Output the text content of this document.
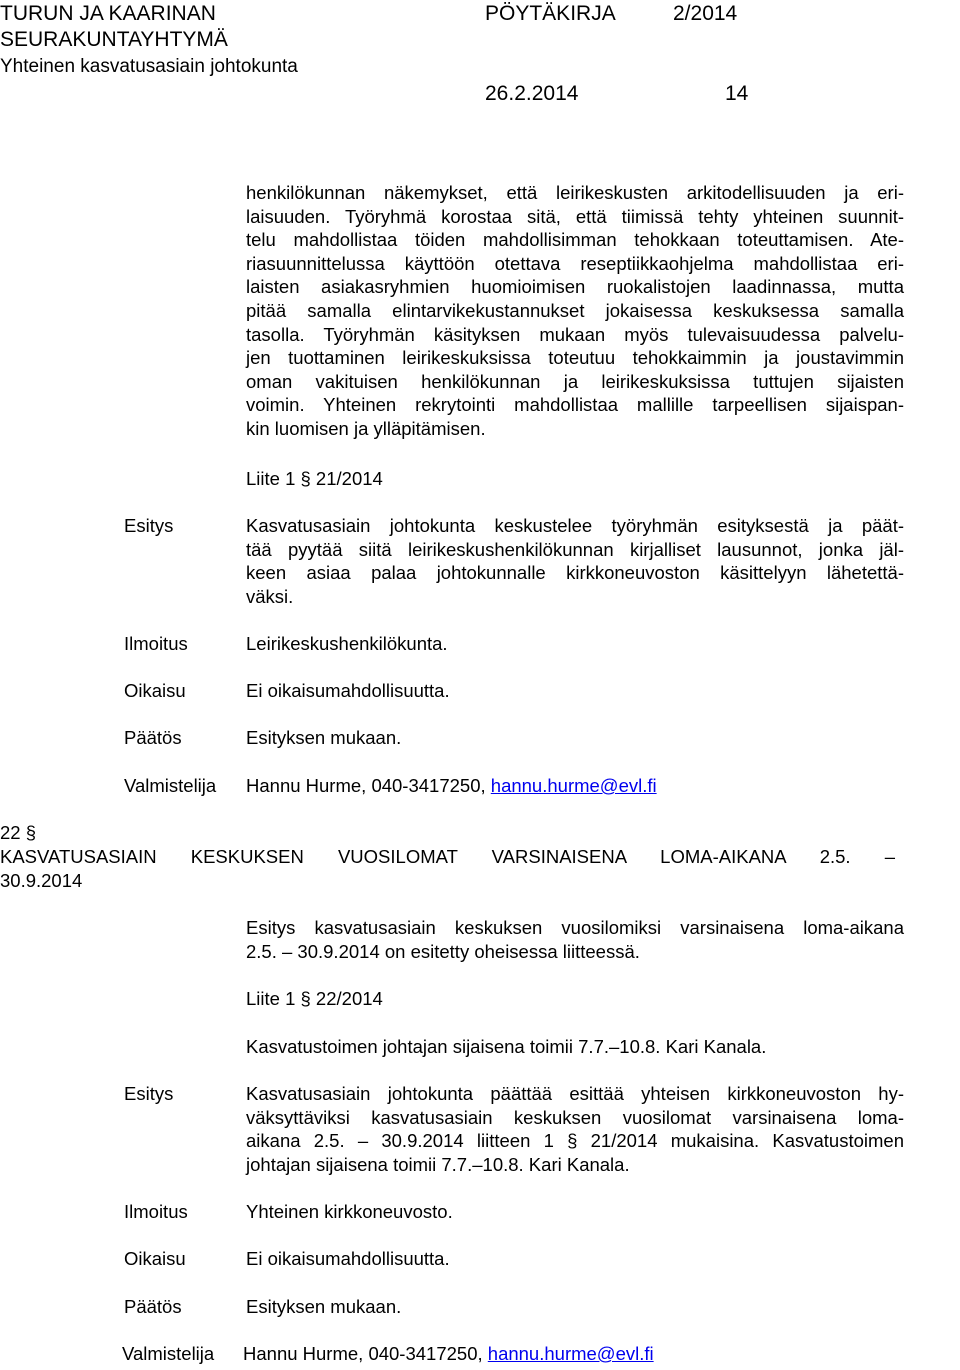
TURUN JA KAARINAN
SEURAKUNTAYHTYMÄ
Yhteinen kasvatusasiain johtokunta
PÖYTÄKIRJA	2/2014
26.2.2014	14
henkilökunnan näkemykset, että leirikeskusten arkitodellisuuden ja eri-
laisuuden. Työryhmä korostaa sitä, että tiimissä tehty yhteinen suunnit-
telu mahdollistaa töiden mahdollisimman tehokkaan toteuttamisen. Ate-
riasuunnittelussa käyttöön otettava reseptiikkaohjelma mahdollistaa eri-
laisten asiakasryhmien huomioimisen ruokalistojen laadinnassa, mutta
pitää samalla elintarvikekustannukset jokaisessa keskuksessa samalla
tasolla. Työryhmän käsityksen mukaan myös tulevaisuudessa palvelu-
jen tuottaminen leirikeskuksissa toteutuu tehokkaimmin ja joustavimmin
oman vakituisen henkilökunnan ja leirikeskuksissa tuttujen sijaisten
voimin. Yhteinen rekrytointi mahdollistaa mallille tarpeellisen sijaispan-
kin luomisen ja ylläpitämisen.
Liite 1 § 21/2014
Esitys	Kasvatusasiain johtokunta keskustelee työryhmän esityksestä ja päät-
tää pyytää siitä leirikeskushenkilökunnan kirjalliset lausunnot, jonka jäl-
keen asiaa palaa johtokunnalle kirkkoneuvoston käsittelyyn lähetettä-
väksi.
Ilmoitus	Leirikeskushenkilökunta.
Oikaisu	Ei oikaisumahdollisuutta.
Päätös	Esityksen mukaan.
Valmistelija Hannu Hurme, 040-3417250, hannu.hurme@evl.fi
22 §
KASVATUSASIAIN KESKUKSEN VUOSILOMAT VARSINAISENA LOMA-AIKANA 2.5. –
30.9.2014
Esitys kasvatusasiain keskuksen vuosilomiksi varsinaisena loma-aikana
2.5. – 30.9.2014 on esitetty oheisessa liitteessä.
Liite 1 § 22/2014
Kasvatustoimen johtajan sijaisena toimii 7.7.–10.8. Kari Kanala.
Esitys	Kasvatusasiain johtokunta päättää esittää yhteisen kirkkoneuvoston hy-
väksyttäviksi kasvatusasiain keskuksen vuosilomat varsinaisena loma-
aikana 2.5. – 30.9.2014 liitteen 1 § 21/2014 mukaisina. Kasvatustoimen
johtajan sijaisena toimii 7.7.–10.8. Kari Kanala.
Ilmoitus	Yhteinen kirkkoneuvosto.
Oikaisu	Ei oikaisumahdollisuutta.
Päätös	Esityksen mukaan.
Valmistelija Hannu Hurme, 040-3417250, hannu.hurme@evl.fi
